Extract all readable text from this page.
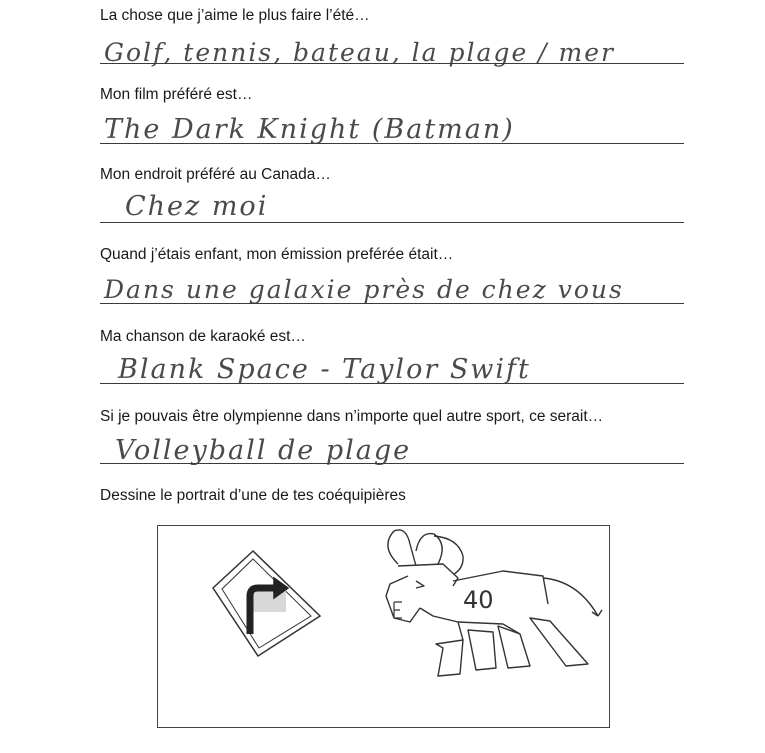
La chose que j’aime le plus faire l’été…
Golf, tennis, bateau, la plage / mer
Mon film préféré est…
The Dark Knight (Batman)
Mon endroit préféré au Canada…
Chez moi
Quand j’étais enfant, mon émission preférée était…
Dans une galaxie près de chez vous
Ma chanson de karaoké est…
Blank Space - Taylor Swift
Si je pouvais être olympienne dans n’importe quel autre sport, ce serait…
Volleyball de plage
Dessine le portrait d’une de tes coéquipières
40
